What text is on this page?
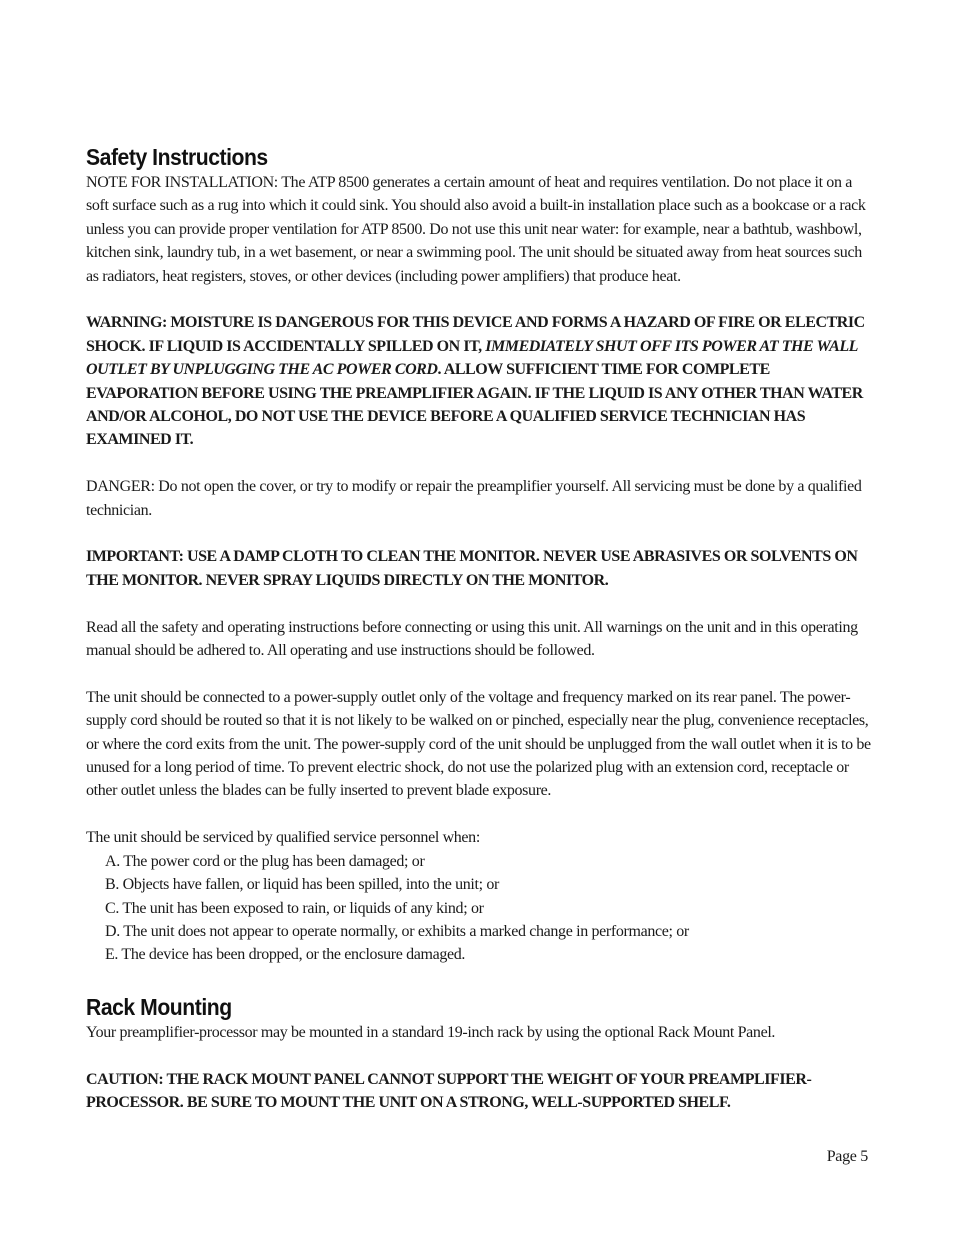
Safety Instructions

NOTE FOR INSTALLATION: The ATP 8500 generates a certain amount of heat and requires ventilation. Do not place it on a soft surface such as a rug into which it could sink. You should also avoid a built-in installation place such as a bookcase or a rack unless you can provide proper ventilation for ATP 8500. Do not use this unit near water: for example, near a bathtub, washbowl, kitchen sink, laundry tub, in a wet basement, or near a swimming pool. The unit should be situated away from heat sources such as radiators, heat registers, stoves, or other devices (including power amplifiers) that produce heat.

WARNING: MOISTURE IS DANGEROUS FOR THIS DEVICE AND FORMS A HAZARD OF FIRE OR ELECTRIC SHOCK. IF LIQUID IS ACCIDENTALLY SPILLED ON IT, IMMEDIATELY SHUT OFF ITS POWER AT THE WALL OUTLET BY UNPLUGGING THE AC POWER CORD. ALLOW SUFFICIENT TIME FOR COMPLETE EVAPORATION BEFORE USING THE PREAMPLIFIER AGAIN. IF THE LIQUID IS ANY OTHER THAN WATER AND/OR ALCOHOL, DO NOT USE THE DEVICE BEFORE A QUALIFIED SERVICE TECHNICIAN HAS EXAMINED IT.

DANGER: Do not open the cover, or try to modify or repair the preamplifier yourself. All servicing must be done by a qualified technician.

IMPORTANT: USE A DAMP CLOTH TO CLEAN THE MONITOR. NEVER USE ABRASIVES OR SOLVENTS ON THE MONITOR. NEVER SPRAY LIQUIDS DIRECTLY ON THE MONITOR.

Read all the safety and operating instructions before connecting or using this unit. All warnings on the unit and in this operating manual should be adhered to. All operating and use instructions should be followed.

The unit should be connected to a power-supply outlet only of the voltage and frequency marked on its rear panel. The power-supply cord should be routed so that it is not likely to be walked on or pinched, especially near the plug, convenience receptacles, or where the cord exits from the unit. The power-supply cord of the unit should be unplugged from the wall outlet when it is to be unused for a long period of time. To prevent electric shock, do not use the polarized plug with an extension cord, receptacle or other outlet unless the blades can be fully inserted to prevent blade exposure.

The unit should be serviced by qualified service personnel when:

A. The power cord or the plug has been damaged; or
B. Objects have fallen, or liquid has been spilled, into the unit; or
C. The unit has been exposed to rain, or liquids of any kind; or
D. The unit does not appear to operate normally, or exhibits a marked change in performance; or
E. The device has been dropped, or the enclosure damaged.
Rack Mounting

Your preamplifier-processor may be mounted in a standard 19-inch rack by using the optional Rack Mount Panel.

CAUTION: THE RACK MOUNT PANEL CANNOT SUPPORT THE WEIGHT OF YOUR PREAMPLIFIER-PROCESSOR. BE SURE TO MOUNT THE UNIT ON A STRONG, WELL-SUPPORTED SHELF.

Page 5
